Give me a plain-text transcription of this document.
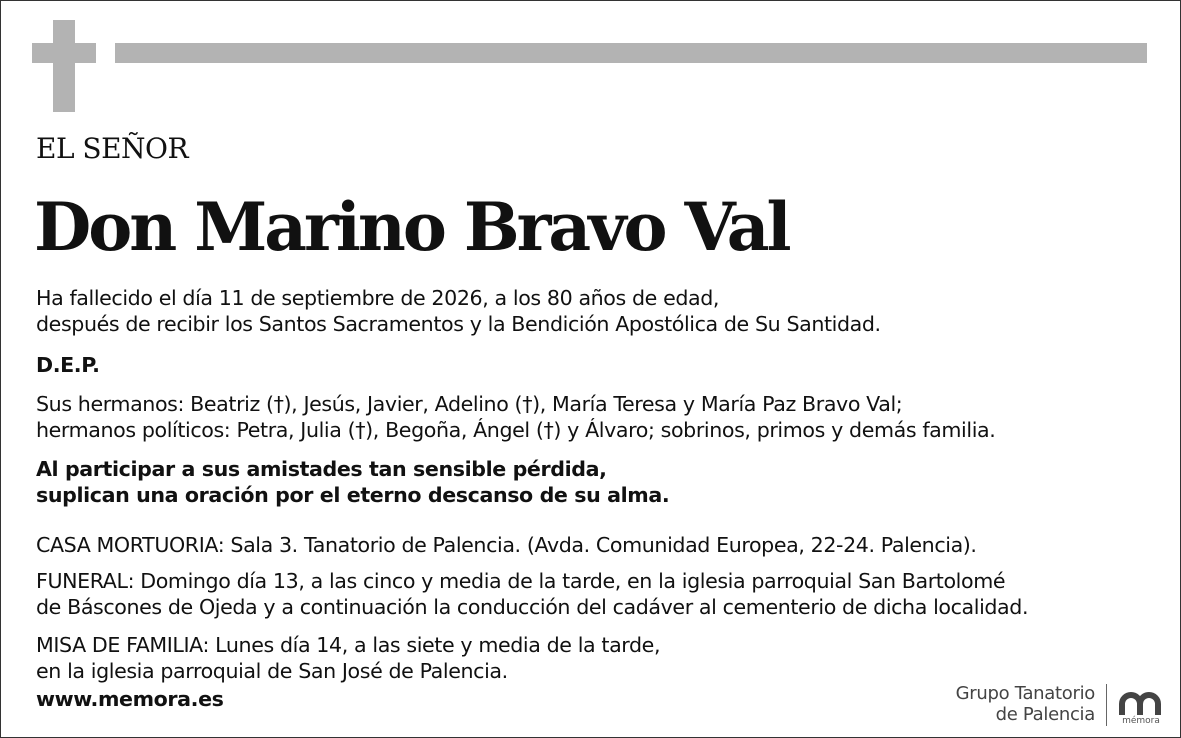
EL SEÑOR
Don Marino Bravo Val
Ha fallecido el día 11 de septiembre de 2026, a los 80 años de edad,
después de recibir los Santos Sacramentos y la Bendición Apostólica de Su Santidad.
D.E.P.
Sus hermanos: Beatriz (†), Jesús, Javier, Adelino (†), María Teresa y María Paz Bravo Val;
hermanos políticos: Petra, Julia (†), Begoña, Ángel (†) y Álvaro; sobrinos, primos y demás familia.
Al participar a sus amistades tan sensible pérdida,
suplican una oración por el eterno descanso de su alma.
CASA MORTUORIA: Sala 3. Tanatorio de Palencia. (Avda. Comunidad Europea, 22-24. Palencia).
FUNERAL: Domingo día 13, a las cinco y media de la tarde, en la iglesia parroquial San Bartolomé
de Báscones de Ojeda y a continuación la conducción del cadáver al cementerio de dicha localidad.
MISA DE FAMILIA: Lunes día 14, a las siete y media de la tarde,
en la iglesia parroquial de San José de Palencia.
www.memora.es	Grupo Tanatorio
de Palencia	mémora
